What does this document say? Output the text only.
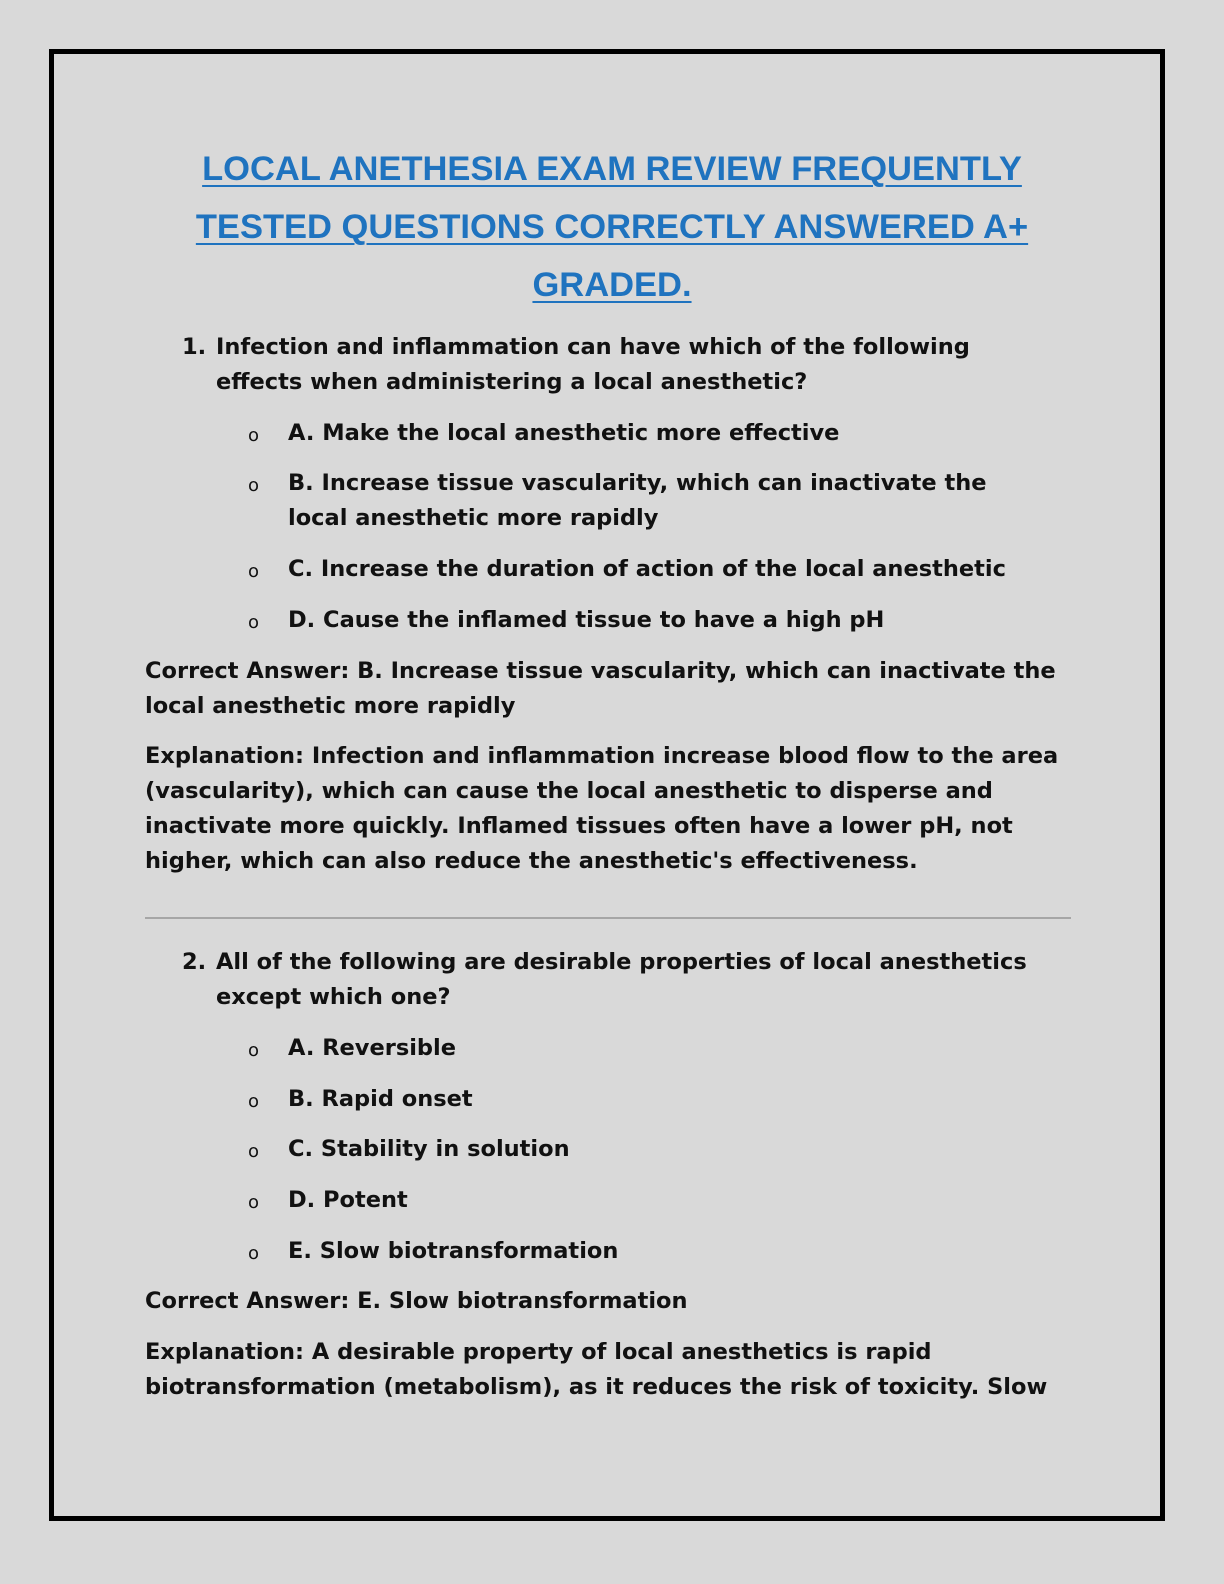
LOCAL ANETHESIA EXAM REVIEW FREQUENTLY TESTED QUESTIONS CORRECTLY ANSWERED A+ GRADED.
1. Infection and inflammation can have which of the following effects when administering a local anesthetic?
o A. Make the local anesthetic more effective
o B. Increase tissue vascularity, which can inactivate the local anesthetic more rapidly
o C. Increase the duration of action of the local anesthetic
o D. Cause the inflamed tissue to have a high pH
Correct Answer: B. Increase tissue vascularity, which can inactivate the local anesthetic more rapidly
Explanation: Infection and inflammation increase blood flow to the area (vascularity), which can cause the local anesthetic to disperse and inactivate more quickly. Inflamed tissues often have a lower pH, not higher, which can also reduce the anesthetic's effectiveness.
2. All of the following are desirable properties of local anesthetics except which one?
o A. Reversible
o B. Rapid onset
o C. Stability in solution
o D. Potent
o E. Slow biotransformation
Correct Answer: E. Slow biotransformation
Explanation: A desirable property of local anesthetics is rapid biotransformation (metabolism), as it reduces the risk of toxicity. Slow
